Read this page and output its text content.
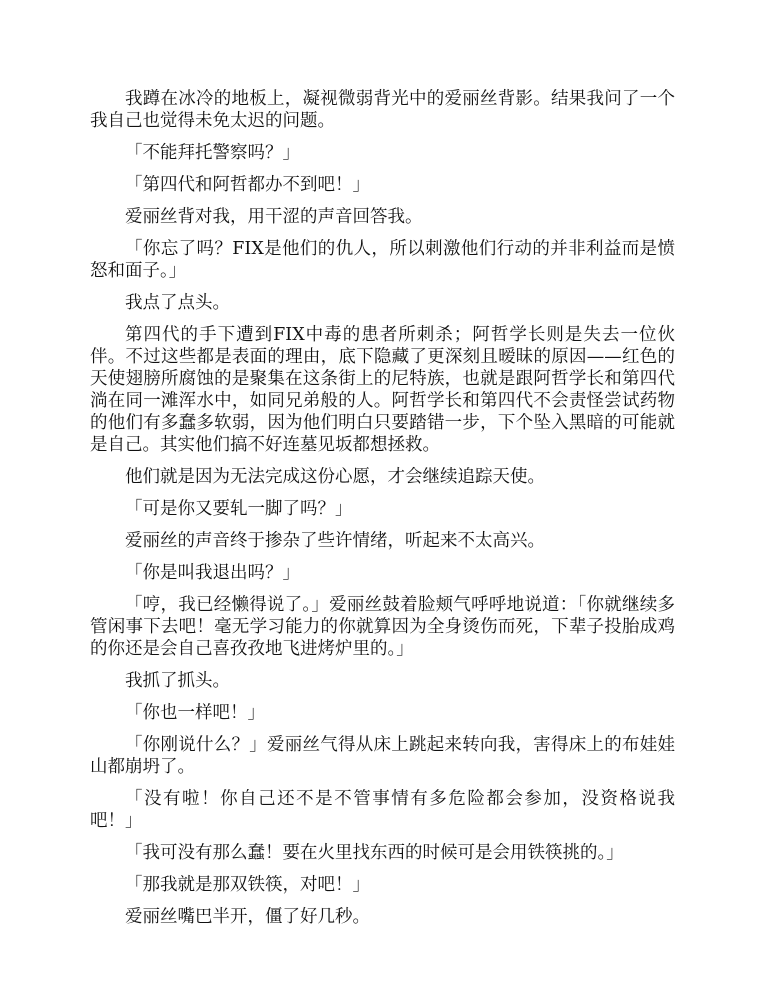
我蹲在冰冷的地板上，凝视微弱背光中的爱丽丝背影。结果我问了一个我自己也觉得未免太迟的问题。

「不能拜托警察吗？」

「第四代和阿哲都办不到吧！」

爱丽丝背对我，用干涩的声音回答我。

「你忘了吗？FIX是他们的仇人，所以刺激他们行动的并非利益而是愤怒和面子。」

我点了点头。

第四代的手下遭到FIX中毒的患者所刺杀；阿哲学长则是失去一位伙伴。不过这些都是表面的理由，底下隐藏了更深刻且暧昧的原因——红色的天使翅膀所腐蚀的是聚集在这条街上的尼特族，也就是跟阿哲学长和第四代淌在同一滩浑水中，如同兄弟般的人。阿哲学长和第四代不会责怪尝试药物的他们有多蠢多软弱，因为他们明白只要踏错一步，下个坠入黑暗的可能就是自己。其实他们搞不好连墓见坂都想拯救。

他们就是因为无法完成这份心愿，才会继续追踪天使。

「可是你又要轧一脚了吗？」

爱丽丝的声音终于掺杂了些许情绪，听起来不太高兴。

「你是叫我退出吗？」

「哼，我已经懒得说了。」爱丽丝鼓着脸颊气呼呼地说道：「你就继续多管闲事下去吧！毫无学习能力的你就算因为全身烫伤而死，下辈子投胎成鸡的你还是会自己喜孜孜地飞进烤炉里的。」

我抓了抓头。

「你也一样吧！」

「你刚说什么？」爱丽丝气得从床上跳起来转向我，害得床上的布娃娃山都崩坍了。

「没有啦！你自己还不是不管事情有多危险都会参加，没资格说我吧！」

「我可没有那么蠢！要在火里找东西的时候可是会用铁筷挑的。」

「那我就是那双铁筷，对吧！」

爱丽丝嘴巴半开，僵了好几秒。
